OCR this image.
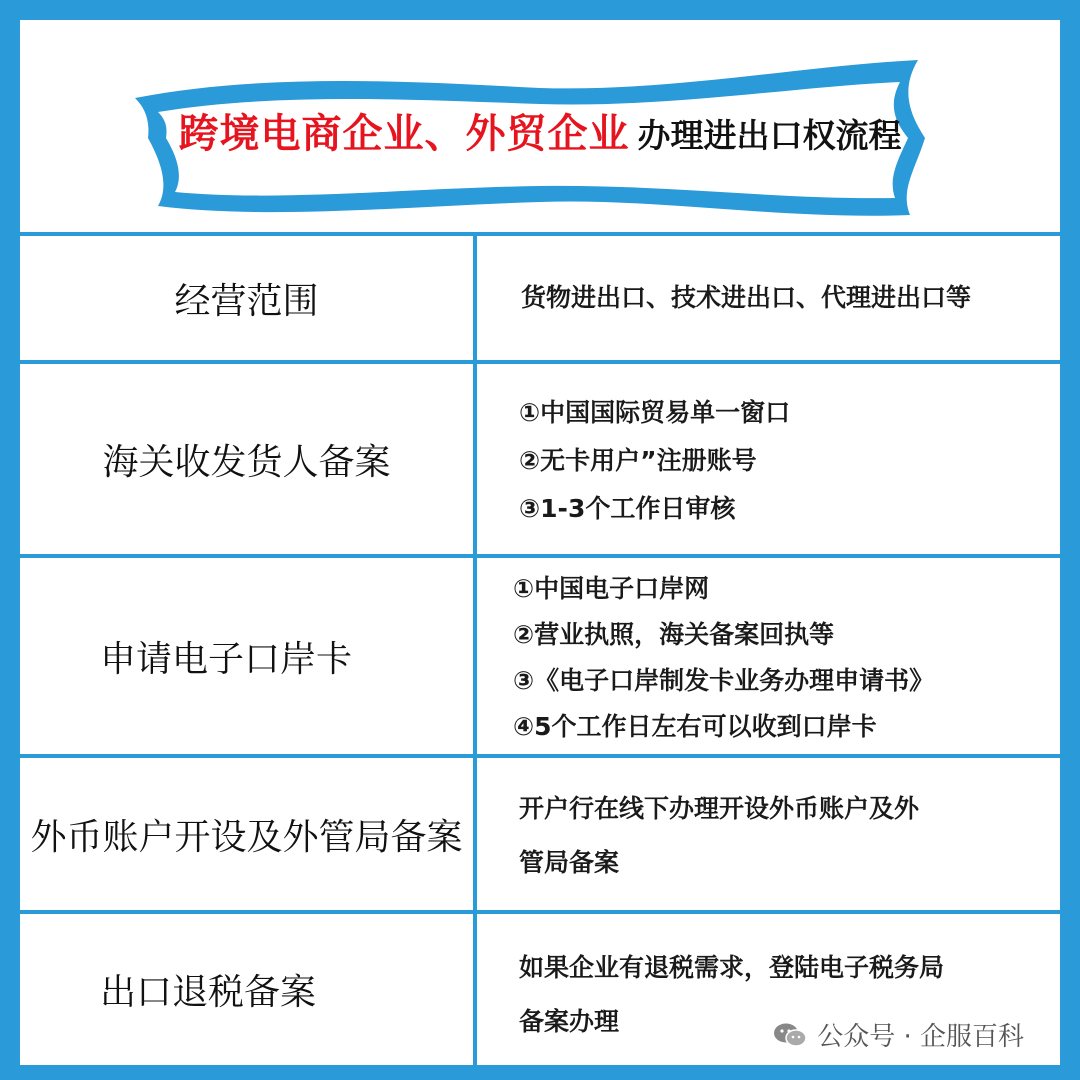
跨境电商企业、外贸企业 办理进出口权流程
经营范围	货物进出口、技术进出口、代理进出口等
海关收发货人备案
①中国国际贸易单一窗口
②无卡用户”注册账号
③1-3个工作日审核
申请电子口岸卡
①中国电子口岸网
②营业执照，海关备案回执等
③《电子口岸制发卡业务办理申请书》
④5个工作日左右可以收到口岸卡
外币账户开设及外管局备案
开户行在线下办理开设外币账户及外
管局备案
出口退税备案
如果企业有退税需求，登陆电子税务局
备案办理
公众号 · 企服百科
